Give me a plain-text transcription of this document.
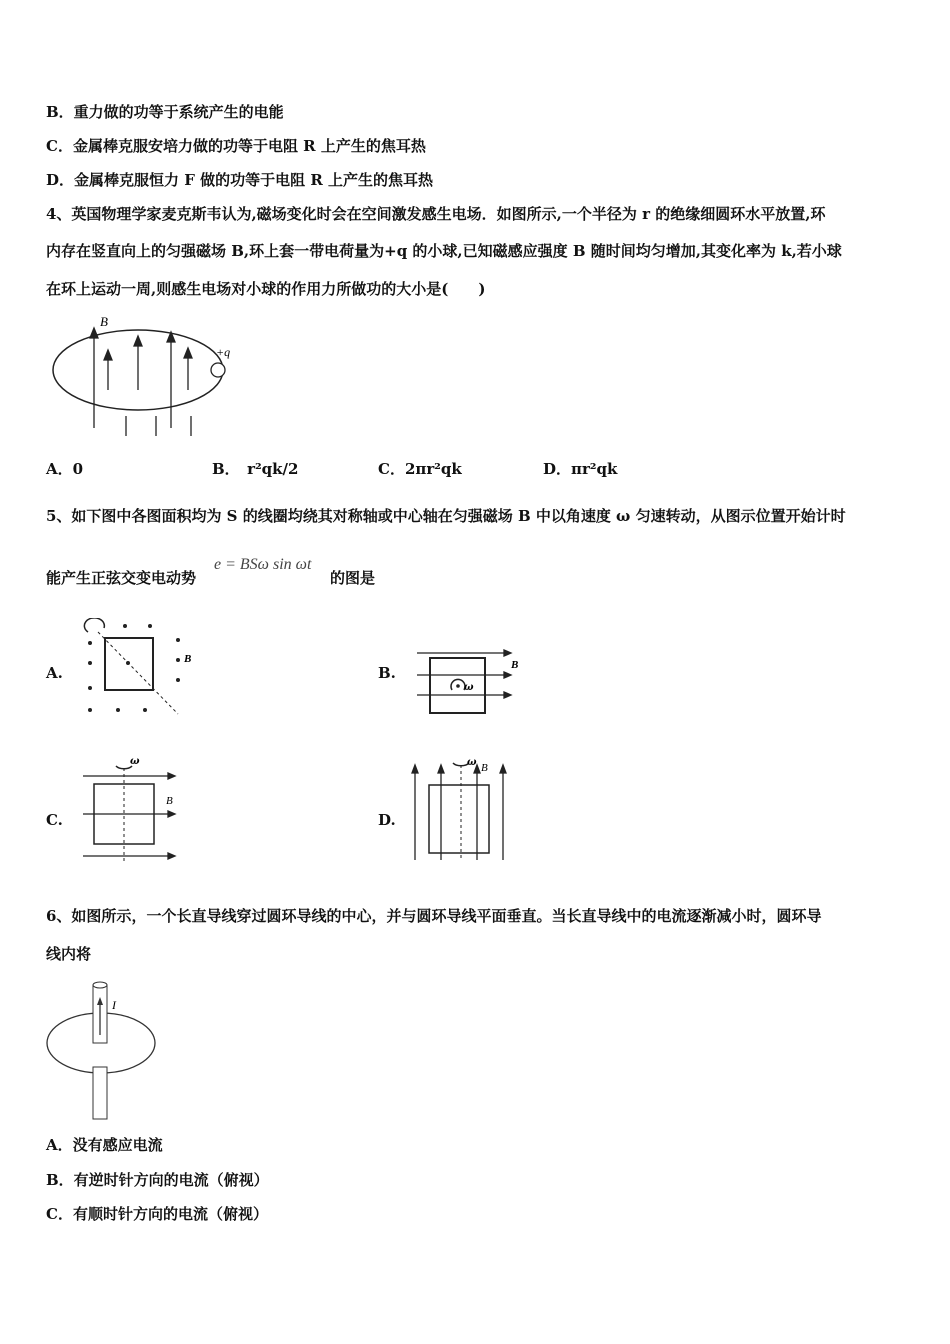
B．重力做的功等于系统产生的电能
C．金属棒克服安培力做的功等于电阻 R 上产生的焦耳热
D．金属棒克服恒力 F 做的功等于电阻 R 上产生的焦耳热
4、英国物理学家麦克斯韦认为,磁场变化时会在空间激发感生电场．如图所示,一个半径为 r 的绝缘细圆环水平放置,环
内存在竖直向上的匀强磁场 B,环上套一带电荷量为+q 的小球,已知磁感应强度 B 随时间均匀增加,其变化率为 k,若小球
在环上运动一周,则感生电场对小球的作用力所做功的大小是(　　)
B
+q
A．0	B．　r²qk/2	C．2πr²qk	D．πr²qk
5、如下图中各图面积均为 S 的线圈均绕其对称轴或中心轴在匀强磁场 B 中以角速度 ω 匀速转动，从图示位置开始计时
能产生正弦交变电动势
e = BSω sin ωt
的图是
A.
B
B.
ω
B
C.
ω
B
D.
ω B
6、如图所示，一个长直导线穿过圆环导线的中心，并与圆环导线平面垂直。当长直导线中的电流逐渐减小时，圆环导
线内将
I
A．没有感应电流
B．有逆时针方向的电流（俯视）
C．有顺时针方向的电流（俯视）
